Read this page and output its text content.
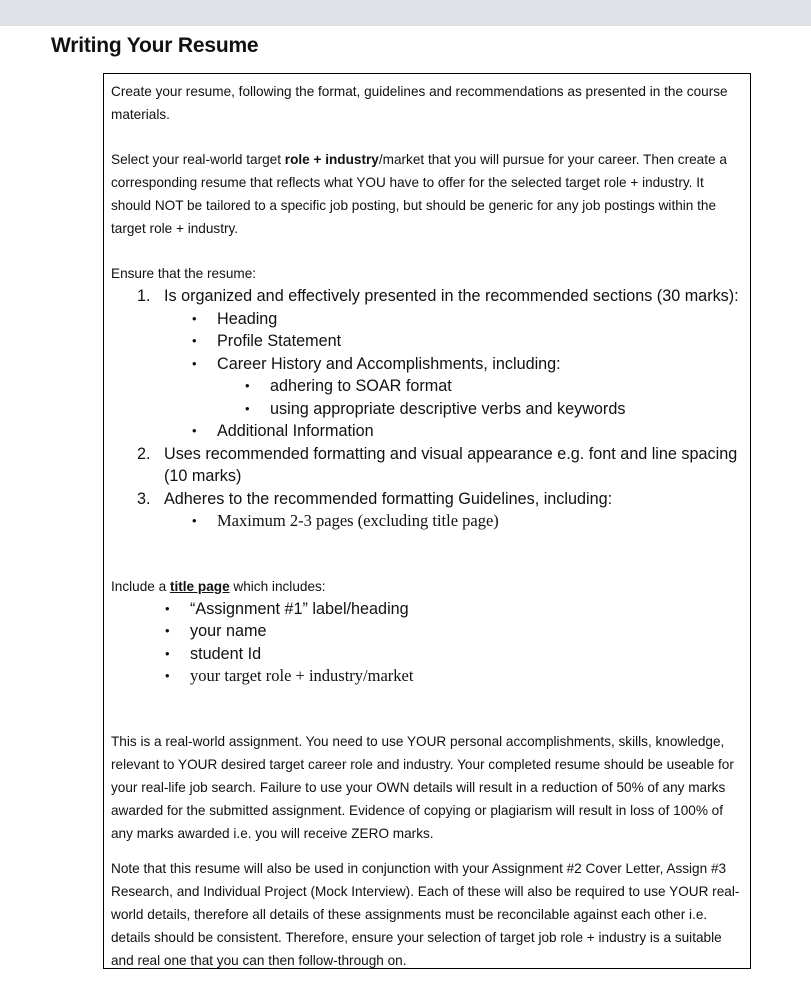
Writing Your Resume

Create your resume, following the format, guidelines and recommendations as presented in the course materials.

Select your real-world target role + industry/market that you will pursue for your career. Then create a corresponding resume that reflects what YOU have to offer for the selected target role + industry. It should NOT be tailored to a specific job posting, but should be generic for any job postings within the target role + industry.

Ensure that the resume:

1. Is organized and effectively presented in the recommended sections (30 marks):
• Heading
• Profile Statement
• Career History and Accomplishments, including:
• adhering to SOAR format
• using appropriate descriptive verbs and keywords
• Additional Information
2. Uses recommended formatting and visual appearance e.g. font and line spacing (10 marks)
3. Adheres to the recommended formatting Guidelines, including:
• Maximum 2-3 pages (excluding title page)

Include a title page which includes:

• “Assignment #1” label/heading
• your name
• student Id
• your target role + industry/market

This is a real-world assignment. You need to use YOUR personal accomplishments, skills, knowledge, relevant to YOUR desired target career role and industry. Your completed resume should be useable for your real-life job search. Failure to use your OWN details will result in a reduction of 50% of any marks awarded for the submitted assignment. Evidence of copying or plagiarism will result in loss of 100% of any marks awarded i.e. you will receive ZERO marks.

Note that this resume will also be used in conjunction with your Assignment #2 Cover Letter, Assign #3 Research, and Individual Project (Mock Interview). Each of these will also be required to use YOUR real-world details, therefore all details of these assignments must be reconcilable against each other i.e. details should be consistent. Therefore, ensure your selection of target job role + industry is a suitable and real one that you can then follow-through on.
